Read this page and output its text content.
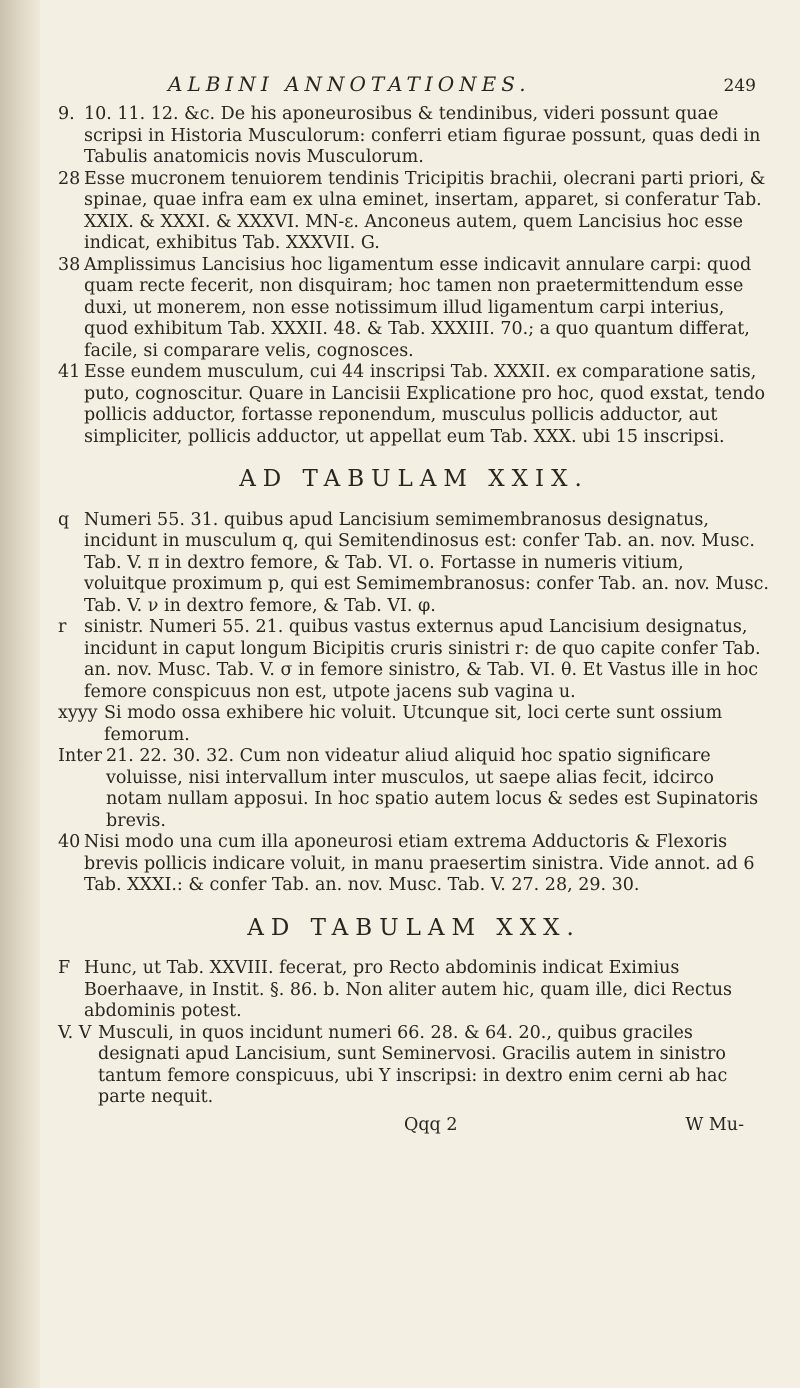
ALBINI ANNOTATIONES.	249
9. 10. 11. 12. &c. De his aponeurosibus & tendinibus, videri possunt quae scripsi in Historia Musculorum: conferri etiam figurae possunt, quas dedi in Tabulis anatomicis novis Musculorum.
28 Esse mucronem tenuiorem tendinis Tricipitis brachii, olecrani parti priori, & spinae, quae infra eam ex ulna eminet, insertam, apparet, si conferatur Tab. XXIX. & XXXI. & XXXVI. MN-ε. Anconeus autem, quem Lancisius hoc esse indicat, exhibitus Tab. XXXVII. G.
38 Amplissimus Lancisius hoc ligamentum esse indicavit annulare carpi: quod quam recte fecerit, non disquiram; hoc tamen non praetermittendum esse duxi, ut monerem, non esse notissimum illud ligamentum carpi interius, quod exhibitum Tab. XXXII. 48. & Tab. XXXIII. 70.; a quo quantum differat, facile, si comparare velis, cognosces.
41 Esse eundem musculum, cui 44 inscripsi Tab. XXXII. ex comparatione satis, puto, cognoscitur. Quare in Lancisii Explicatione pro hoc, quod exstat, tendo pollicis adductor, fortasse reponendum, musculus pollicis adductor, aut simpliciter, pollicis adductor, ut appellat eum Tab. XXX. ubi 15 inscripsi.
AD TABULAM XXIX.
q Numeri 55. 31. quibus apud Lancisium semimembranosus designatus, incidunt in musculum q, qui Semitendinosus est: confer Tab. an. nov. Musc. Tab. V. π in dextro femore, & Tab. VI. o. Fortasse in numeris vitium, voluitque proximum p, qui est Semimembranosus: confer Tab. an. nov. Musc. Tab. V. ν in dextro femore, & Tab. VI. φ.
r sinistr. Numeri 55. 21. quibus vastus externus apud Lancisium designatus, incidunt in caput longum Bicipitis cruris sinistri r: de quo capite confer Tab. an. nov. Musc. Tab. V. σ in femore sinistro, & Tab. VI. θ. Et Vastus ille in hoc femore conspicuus non est, utpote jacens sub vagina u.
xyyy Si modo ossa exhibere hic voluit. Utcunque sit, loci certe sunt ossium femorum.
Inter 21. 22. 30. 32. Cum non videatur aliud aliquid hoc spatio significare voluisse, nisi intervallum inter musculos, ut saepe alias fecit, idcirco notam nullam apposui. In hoc spatio autem locus & sedes est Supinatoris brevis.
40 Nisi modo una cum illa aponeurosi etiam extrema Adductoris & Flexoris brevis pollicis indicare voluit, in manu praesertim sinistra. Vide annot. ad 6 Tab. XXXI.: & confer Tab. an. nov. Musc. Tab. V. 27. 28, 29. 30.
AD TABULAM XXX.
F Hunc, ut Tab. XXVIII. fecerat, pro Recto abdominis indicat Eximius Boerhaave, in Instit. §. 86. b. Non aliter autem hic, quam ille, dici Rectus abdominis potest.
V. V Musculi, in quos incidunt numeri 66. 28. & 64. 20., quibus graciles designati apud Lancisium, sunt Seminervosi. Gracilis autem in sinistro tantum femore conspicuus, ubi Y inscripsi: in dextro enim cerni ab hac parte nequit.
Qqq 2	W Mu-
